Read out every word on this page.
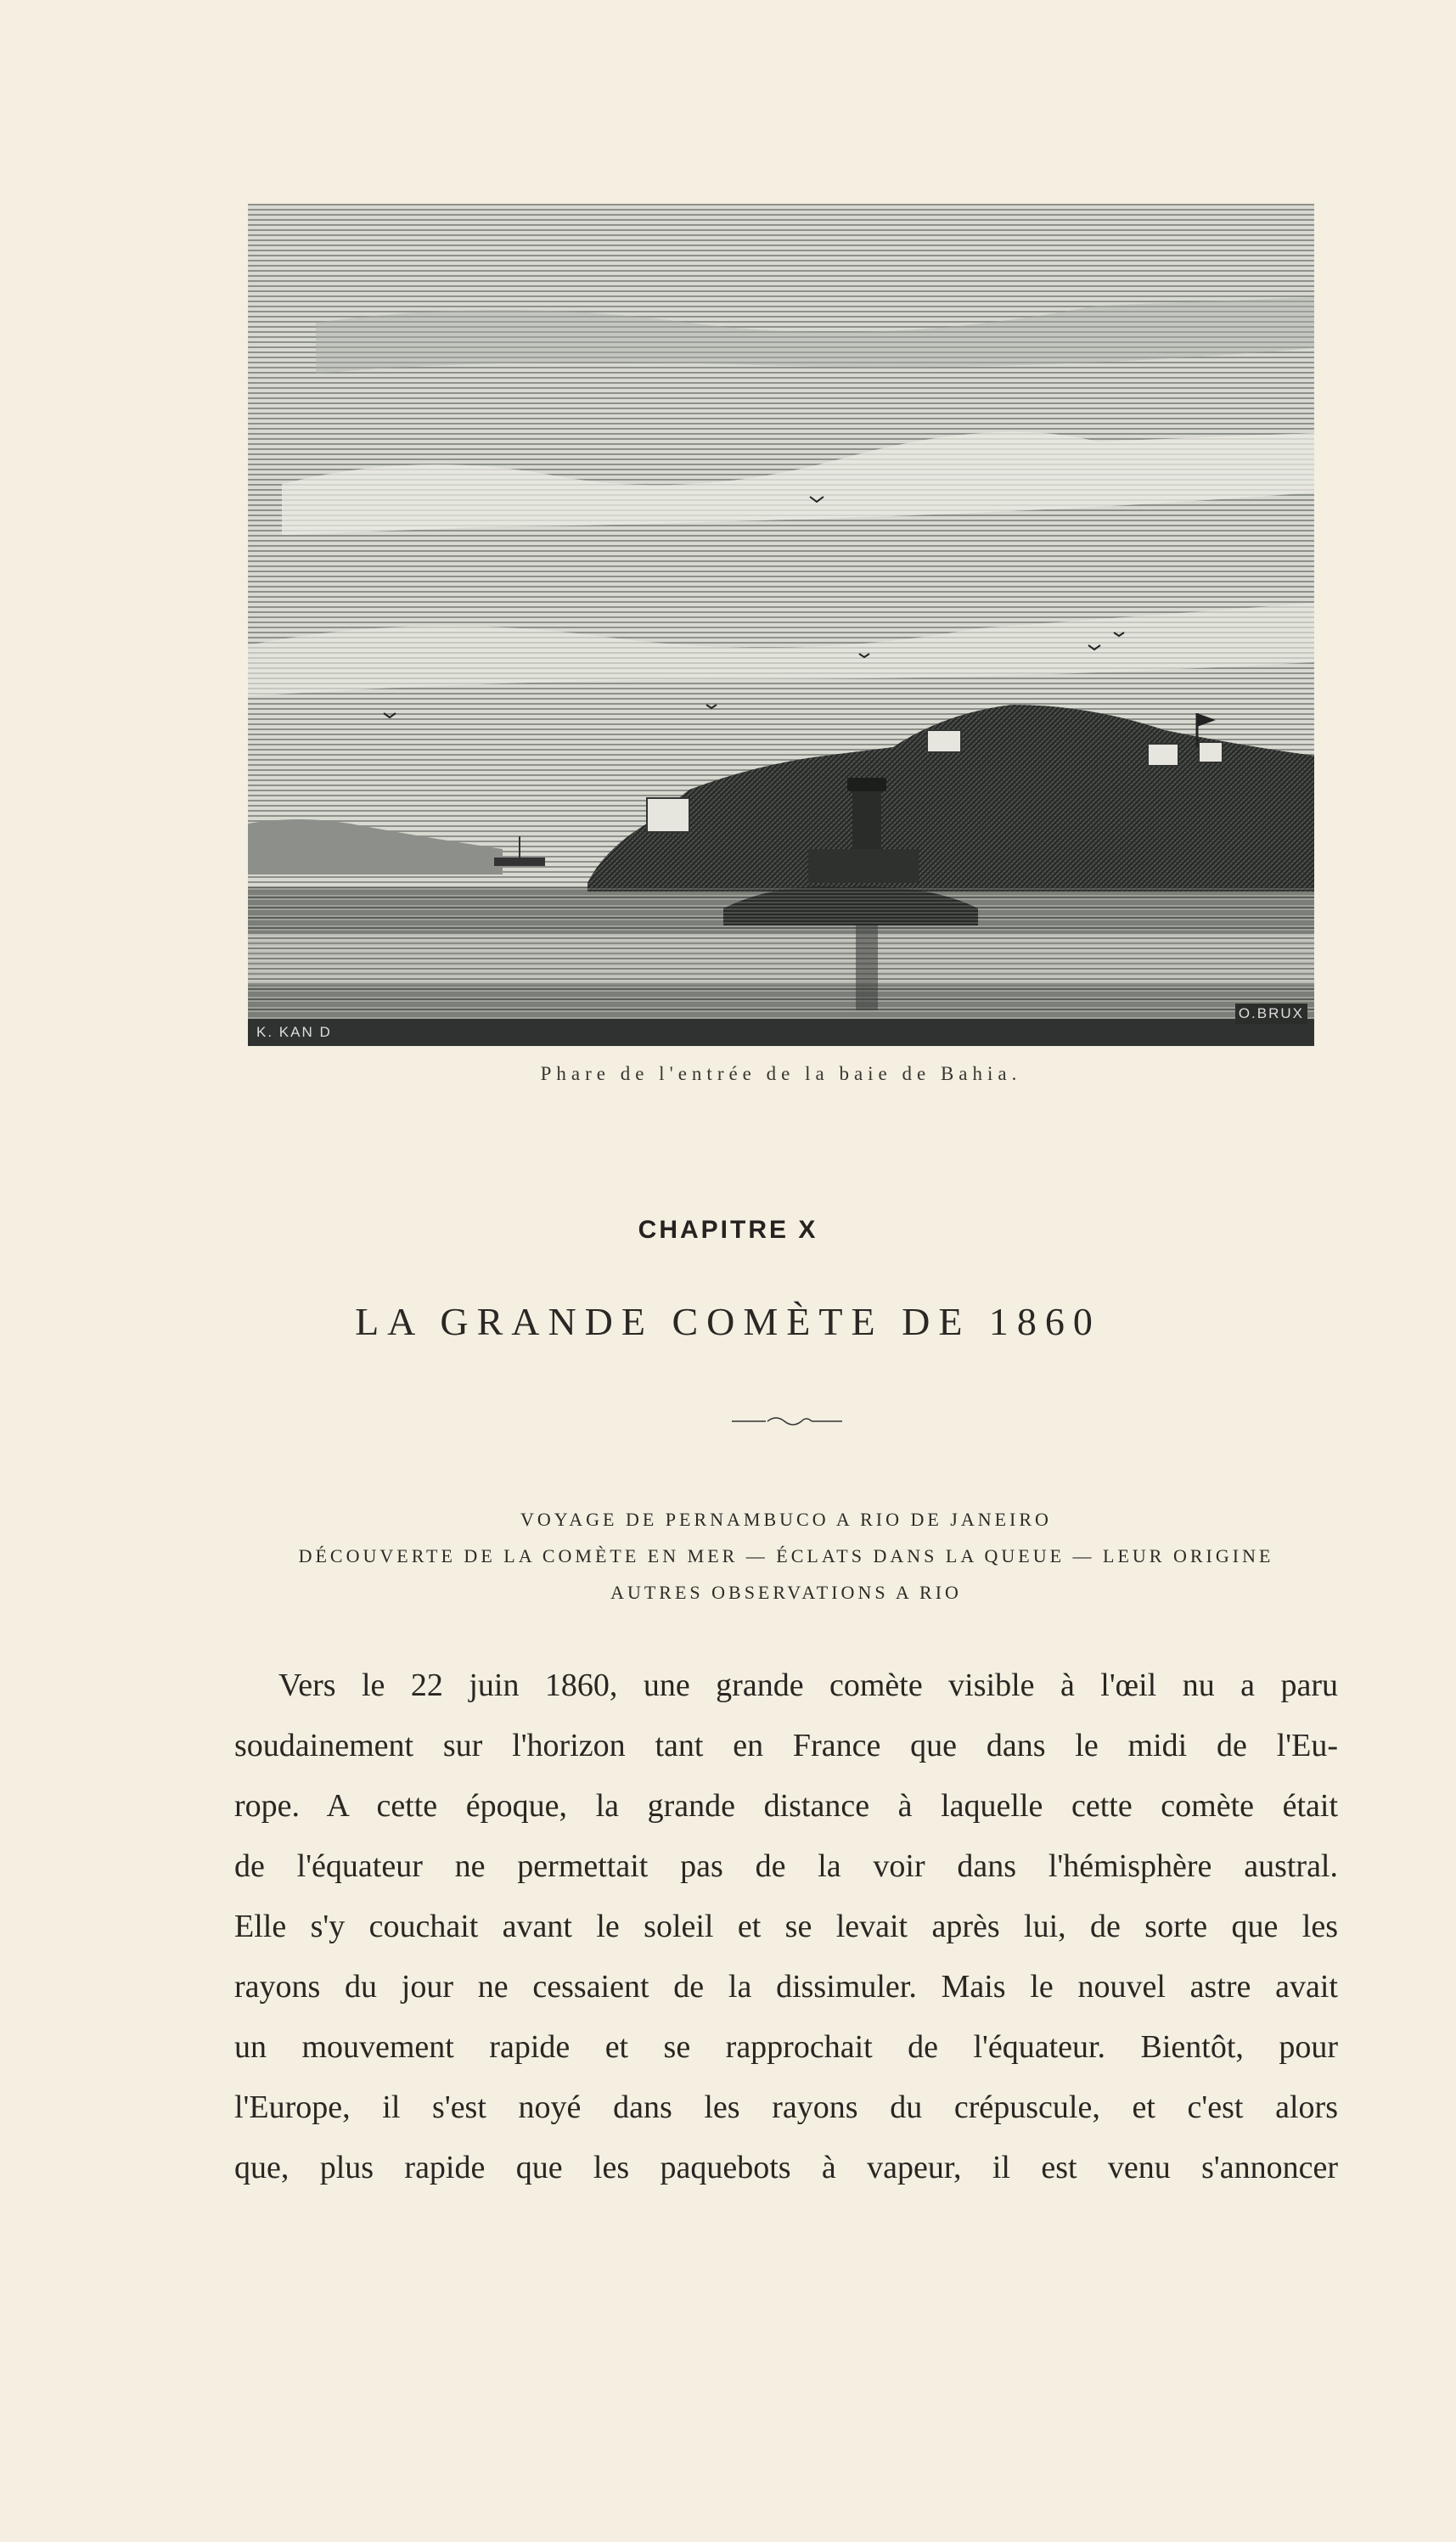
K. KAN D
O.BRUX
Phare de l'entrée de la baie de Bahia.
CHAPITRE X
LA GRANDE COMÈTE DE 1860
VOYAGE DE PERNAMBUCO A RIO DE JANEIRO
DÉCOUVERTE DE LA COMÈTE EN MER — ÉCLATS DANS LA QUEUE — LEUR ORIGINE
AUTRES OBSERVATIONS A RIO
Vers le 22 juin 1860, une grande comète visible à l'œil nu a paru
soudainement sur l'horizon tant en France que dans le midi de l'Eu-
rope. A cette époque, la grande distance à laquelle cette comète était
de l'équateur ne permettait pas de la voir dans l'hémisphère austral.
Elle s'y couchait avant le soleil et se levait après lui, de sorte que les
rayons du jour ne cessaient de la dissimuler. Mais le nouvel astre avait
un mouvement rapide et se rapprochait de l'équateur. Bientôt, pour
l'Europe, il s'est noyé dans les rayons du crépuscule, et c'est alors
que, plus rapide que les paquebots à vapeur, il est venu s'annoncer
